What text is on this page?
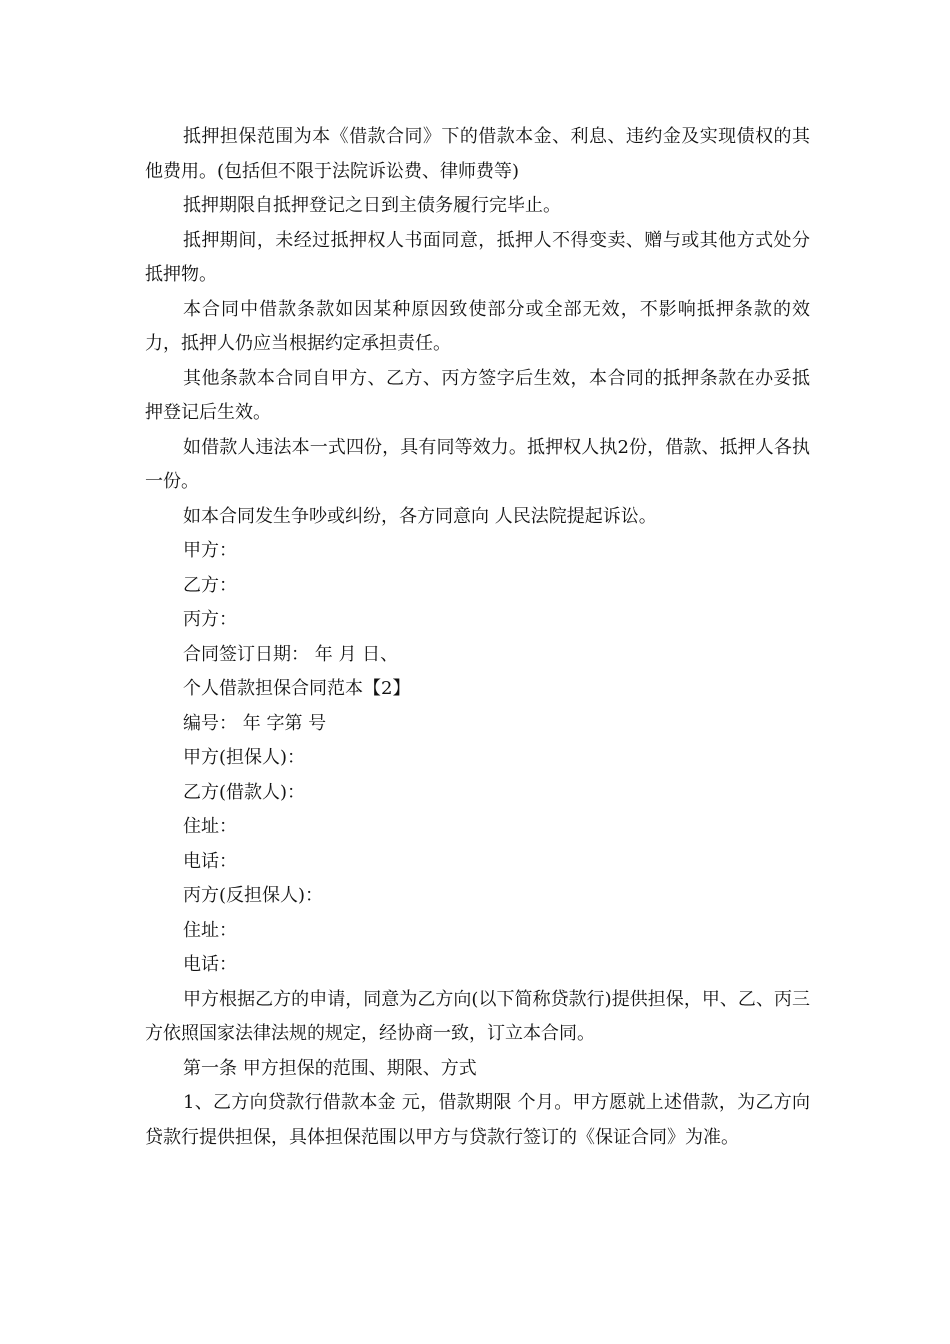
抵押担保范围为本《借款合同》下的借款本金、利息、违约金及实现债权的其他费用。(包括但不限于法院诉讼费、律师费等)

抵押期限自抵押登记之日到主债务履行完毕止。

抵押期间，未经过抵押权人书面同意，抵押人不得变卖、赠与或其他方式处分抵押物。

本合同中借款条款如因某种原因致使部分或全部无效，不影响抵押条款的效力，抵押人仍应当根据约定承担责任。

其他条款本合同自甲方、乙方、丙方签字后生效，本合同的抵押条款在办妥抵押登记后生效。

如借款人违法本一式四份，具有同等效力。抵押权人执2份，借款、抵押人各执一份。

如本合同发生争吵或纠纷，各方同意向 人民法院提起诉讼。

甲方：

乙方：

丙方：

合同签订日期： 年 月 日、

个人借款担保合同范本【2】

编号： 年 字第 号

甲方(担保人)：

乙方(借款人)：

住址：

电话：

丙方(反担保人)：

住址：

电话：

甲方根据乙方的申请，同意为乙方向(以下简称贷款行)提供担保，甲、乙、丙三方依照国家法律法规的规定，经协商一致，订立本合同。

第一条 甲方担保的范围、期限、方式

1、乙方向贷款行借款本金 元，借款期限 个月。甲方愿就上述借款，为乙方向贷款行提供担保，具体担保范围以甲方与贷款行签订的《保证合同》为准。
